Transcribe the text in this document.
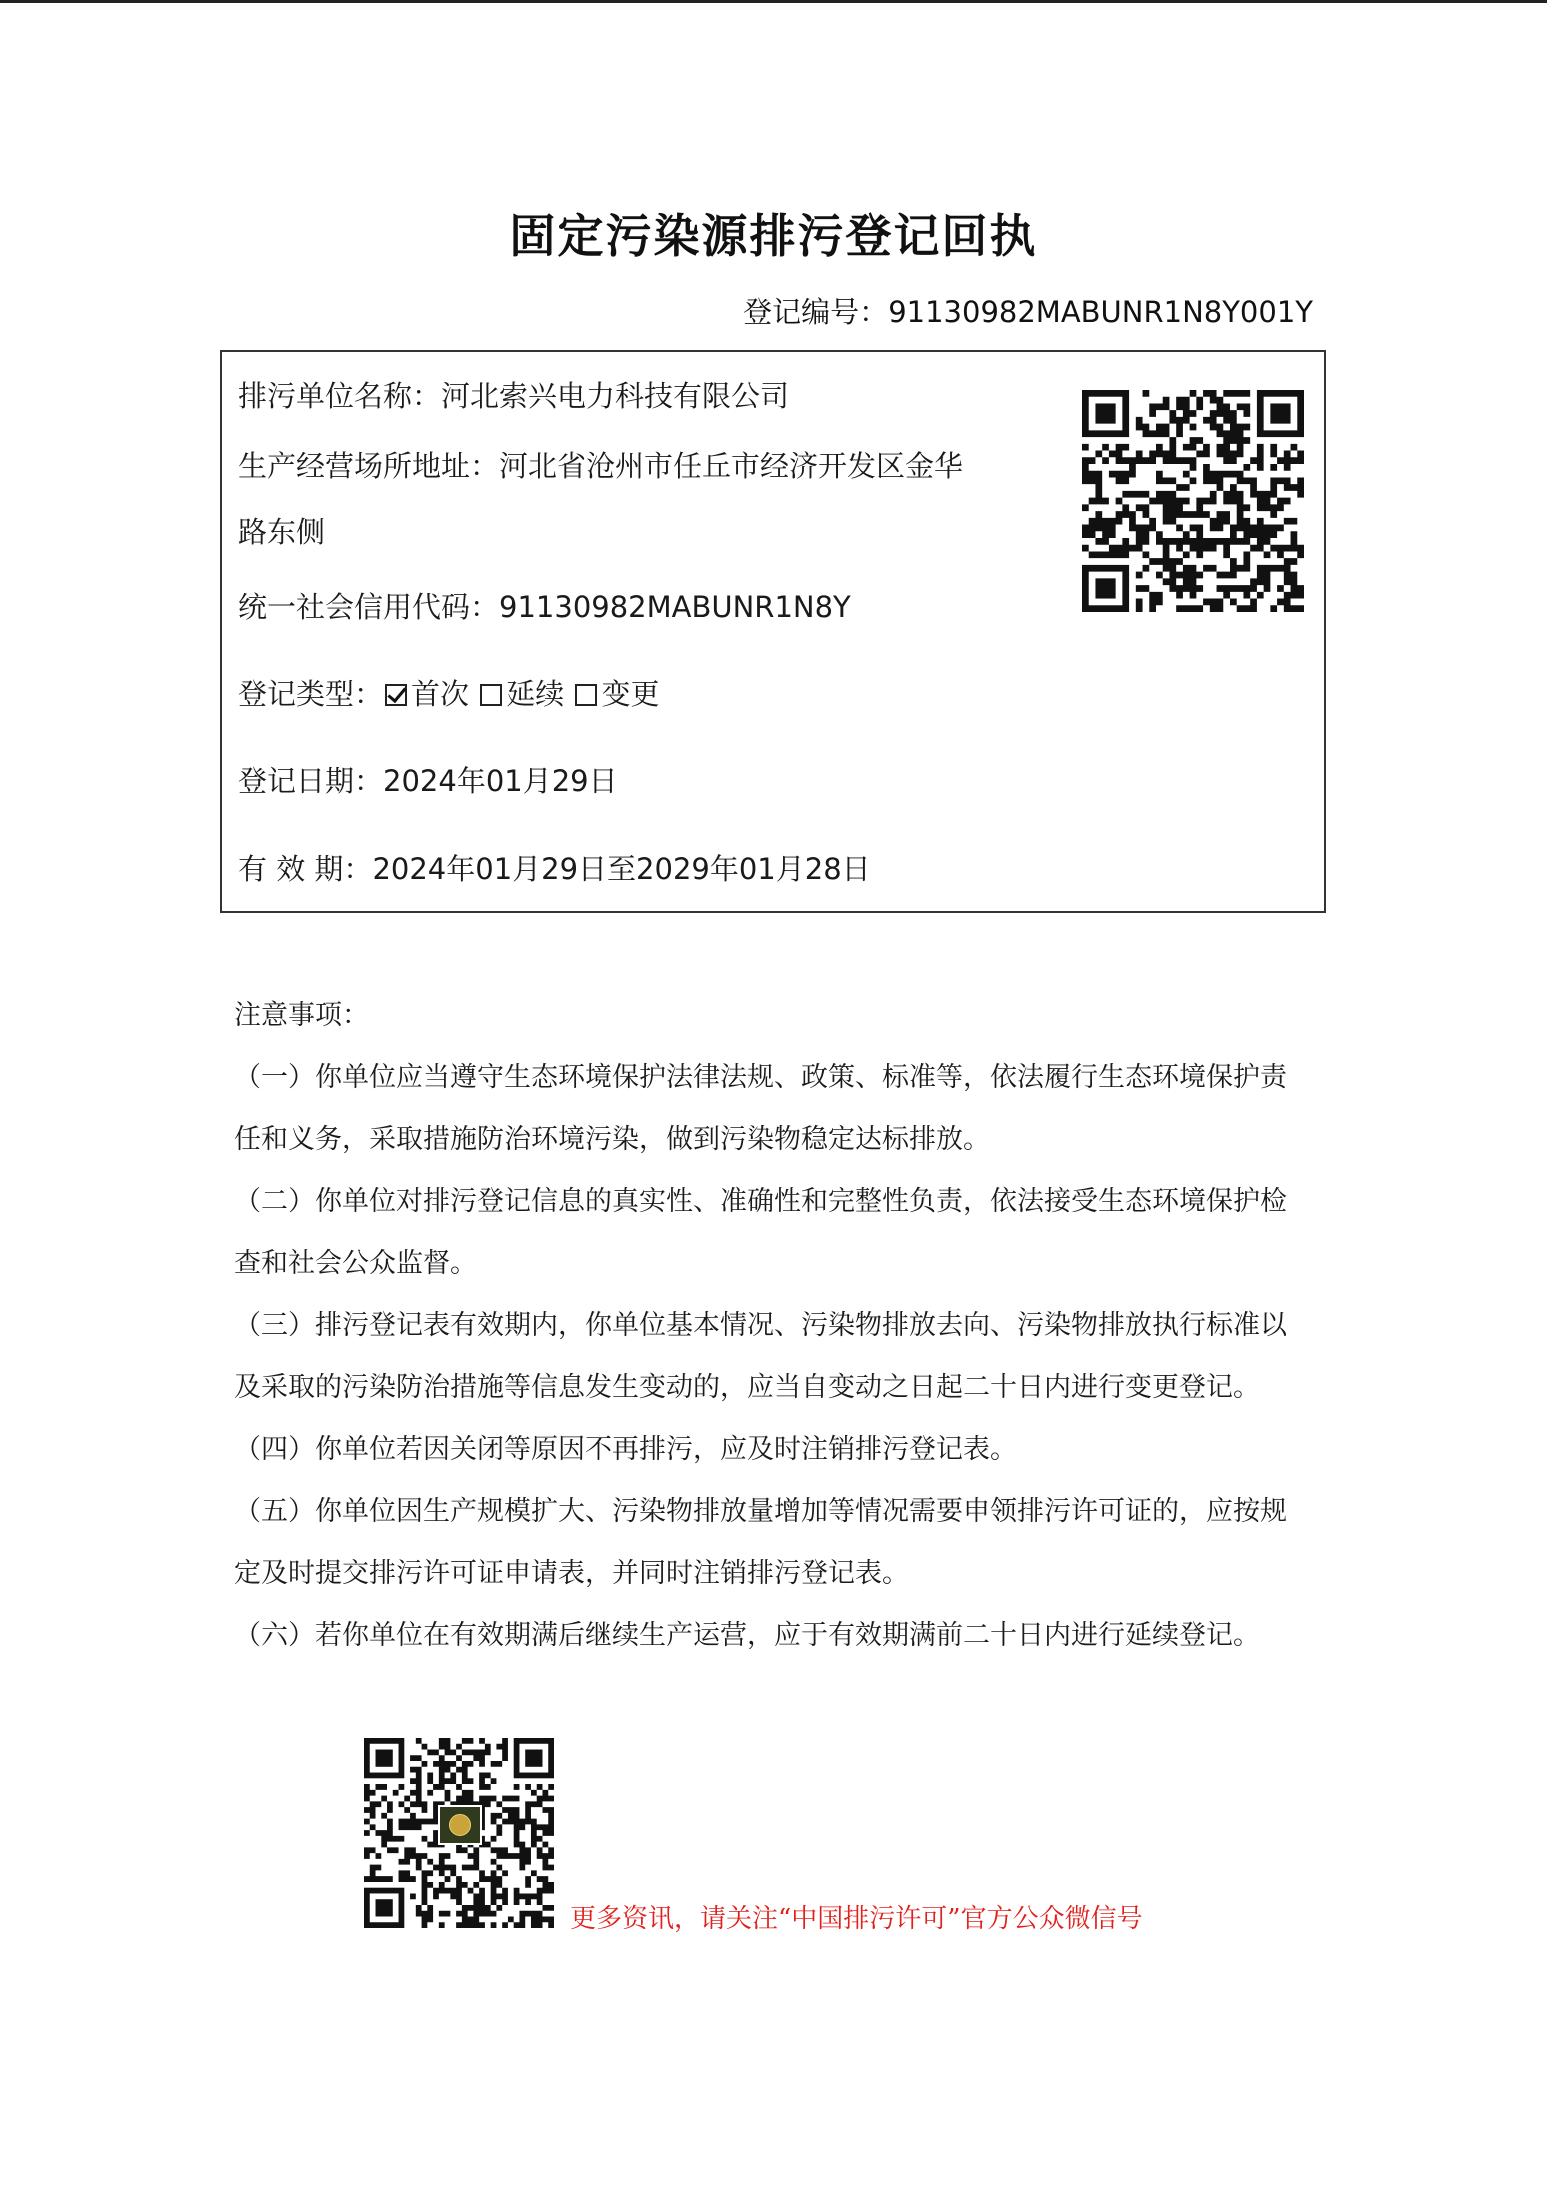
固定污染源排污登记回执
登记编号：91130982MABUNR1N8Y001Y
排污单位名称：河北索兴电力科技有限公司
生产经营场所地址：河北省沧州市任丘市经济开发区金华
路东侧
统一社会信用代码：91130982MABUNR1N8Y
登记类型： 首次 延续 变更
登记日期：2024年01月29日
有 效 期：2024年01月29日至2029年01月28日
注意事项：
（一）你单位应当遵守生态环境保护法律法规、政策、标准等，依法履行生态环境保护责
任和义务，采取措施防治环境污染，做到污染物稳定达标排放。
（二）你单位对排污登记信息的真实性、准确性和完整性负责，依法接受生态环境保护检
查和社会公众监督。
（三）排污登记表有效期内，你单位基本情况、污染物排放去向、污染物排放执行标准以
及采取的污染防治措施等信息发生变动的，应当自变动之日起二十日内进行变更登记。
（四）你单位若因关闭等原因不再排污，应及时注销排污登记表。
（五）你单位因生产规模扩大、污染物排放量增加等情况需要申领排污许可证的，应按规
定及时提交排污许可证申请表，并同时注销排污登记表。
（六）若你单位在有效期满后继续生产运营，应于有效期满前二十日内进行延续登记。
更多资讯，请关注“中国排污许可”官方公众微信号
